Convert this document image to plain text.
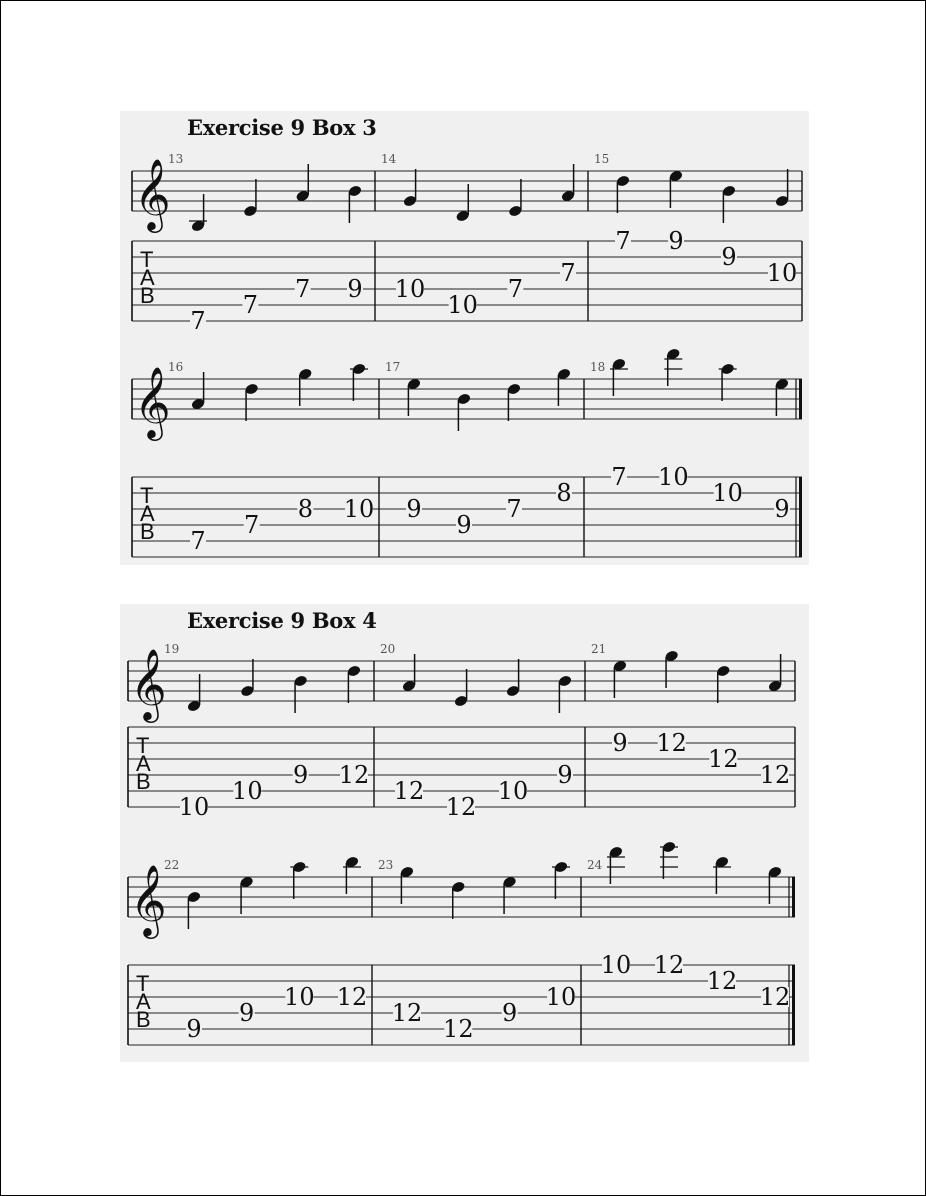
Exercise 9 Box 3
𝄞
T
A
B
13
7
7
7 9
14
10
10
7
7
15
7 9
9
10
𝄞
T
A
B
16
7
7
8 10
17
9
9
7
8
18
7 10
10
9
Exercise 9 Box 4
𝄞
T
A
B
19
10
10
9 12
20
12
12
10
9
21
9 12
12
12
𝄞
T
A
B
22
9
9
10 12
23
12
12
9
10
24
10 12
12
12
